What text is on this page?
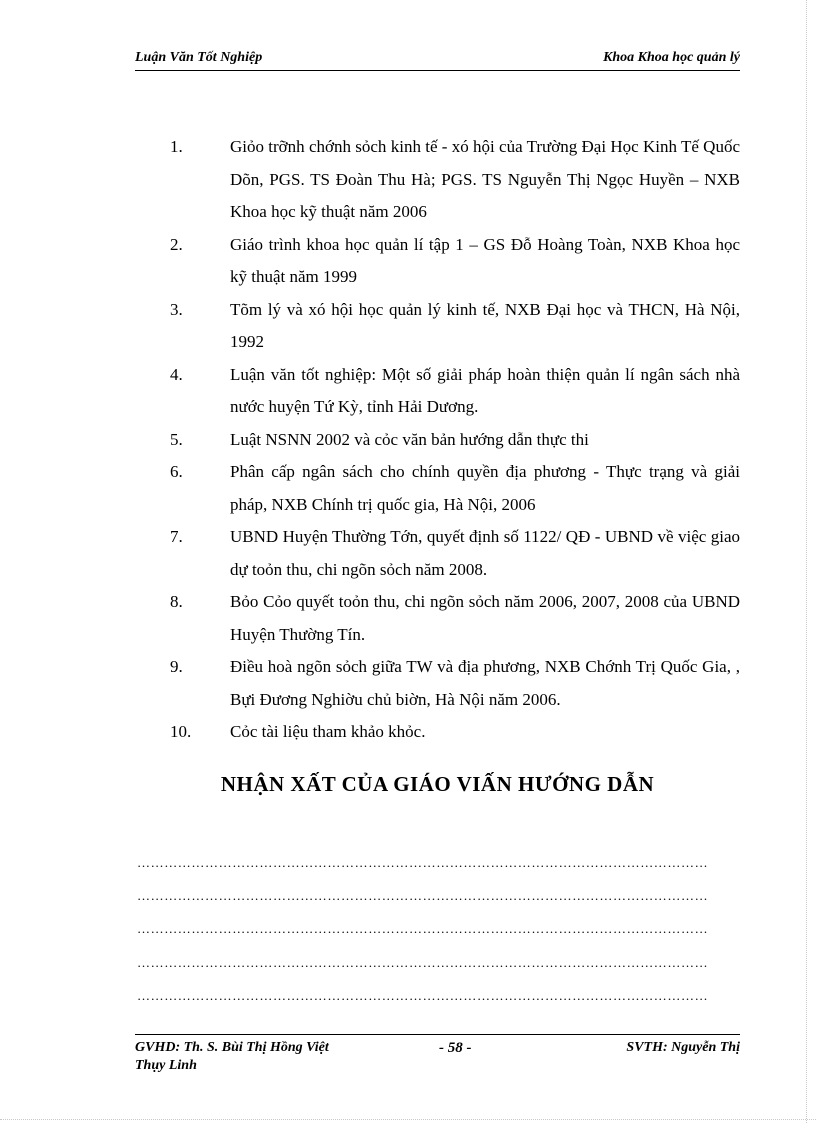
Luận Văn Tốt Nghiệp	Khoa Khoa học quản lý
1.	Giỏo trỡnh chớnh sỏch kinh tế - xó hội của Trường Đại Học Kinh Tế Quốc Dõn, PGS. TS Đoàn Thu Hà; PGS. TS Nguyễn Thị Ngọc Huyền – NXB Khoa học kỹ thuật năm 2006
2.	Giáo trình khoa học quản lí tập 1 – GS Đỗ Hoàng Toàn, NXB Khoa học kỹ thuật năm 1999
3.	Tõm lý và xó hội học quản lý kinh tế, NXB Đại học và THCN, Hà Nội, 1992
4.	Luận văn tốt nghiệp: Một số giải pháp hoàn thiện quản lí ngân sách nhà nước huyện Tứ Kỳ, tỉnh Hải Dương.
5.	Luật NSNN 2002 và cỏc văn bản hướng dẫn thực thi
6.	Phân cấp ngân sách cho chính quyền địa phương - Thực trạng và giải pháp, NXB Chính trị quốc gia, Hà Nội, 2006
7.	UBND Huyện Thường Tớn, quyết định số 1122/ QĐ - UBND về việc giao dự toỏn thu, chi ngõn sỏch năm 2008.
8.	Bỏo Cỏo quyết toỏn thu, chi ngõn sỏch năm 2006, 2007, 2008 của UBND Huyện Thường Tín.
9.	Điều hoà ngõn sỏch giữa TW và địa phương, NXB Chớnh Trị Quốc Gia, , Bựi Đương Nghiờu chủ biờn, Hà Nội năm 2006.
10. Cỏc tài liệu tham khảo khỏc.
NHẬN XẤT CỦA GIÁO VIẤN HƯỚNG DẪN
………………………………………………………………………………………………………………
………………………………………………………………………………………………………………
………………………………………………………………………………………………………………
………………………………………………………………………………………………………………
………………………………………………………………………………………………………………
GVHD: Th. S. Bùi Thị Hồng Việt	- 58 -	SVTH: Nguyễn Thị
Thụy Linh
